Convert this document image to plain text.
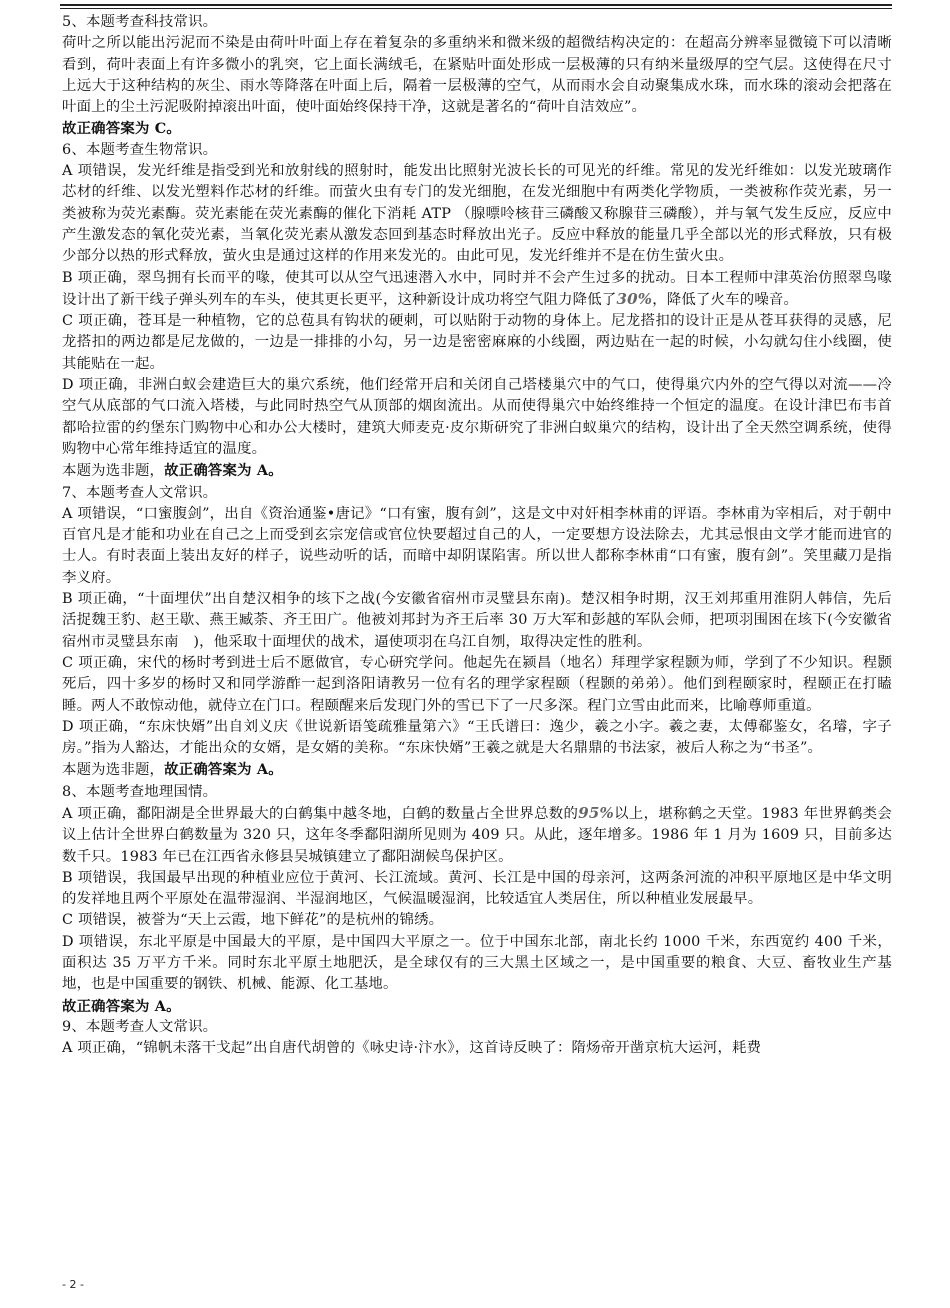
5、本题考查科技常识。

荷叶之所以能出污泥而不染是由荷叶叶面上存在着复杂的多重纳米和微米级的超微结构决定的：在超高分辨率显微镜下可以清晰看到，荷叶表面上有许多微小的乳突，它上面长满绒毛，在紧贴叶面处形成一层极薄的只有纳米量级厚的空气层。这使得在尺寸上远大于这种结构的灰尘、雨水等降落在叶面上后，隔着一层极薄的空气，从而雨水会自动聚集成水珠，而水珠的滚动会把落在叶面上的尘土污泥吸附掉滚出叶面，使叶面始终保持干净，这就是著名的“荷叶自洁效应”。

故正确答案为 C。

6、本题考查生物常识。

A 项错误，发光纤维是指受到光和放射线的照射时，能发出比照射光波长长的可见光的纤维。常见的发光纤维如：以发光玻璃作芯材的纤维、以发光塑料作芯材的纤维。而萤火虫有专门的发光细胞，在发光细胞中有两类化学物质，一类被称作荧光素，另一类被称为荧光素酶。荧光素能在荧光素酶的催化下消耗 ATP （腺嘌呤核苷三磷酸又称腺苷三磷酸），并与氧气发生反应，反应中产生激发态的氧化荧光素，当氧化荧光素从激发态回到基态时释放出光子。反应中释放的能量几乎全部以光的形式释放，只有极少部分以热的形式释放，萤火虫是通过这样的作用来发光的。由此可见，发光纤维并不是在仿生萤火虫。

B 项正确，翠鸟拥有长而平的喙，使其可以从空气迅速潜入水中，同时并不会产生过多的扰动。日本工程师中津英治仿照翠鸟喙设计出了新干线子弹头列车的车头，使其更长更平，这种新设计成功将空气阻力降低了30%，降低了火车的噪音。

C 项正确，苍耳是一种植物，它的总苞具有钩状的硬刺，可以贴附于动物的身体上。尼龙搭扣的设计正是从苍耳获得的灵感，尼龙搭扣的两边都是尼龙做的，一边是一排排的小勾，另一边是密密麻麻的小线圈，两边贴在一起的时候，小勾就勾住小线圈，使其能贴在一起。

D 项正确，非洲白蚁会建造巨大的巢穴系统，他们经常开启和关闭自己塔楼巢穴中的气口，使得巢穴内外的空气得以对流——冷空气从底部的气口流入塔楼，与此同时热空气从顶部的烟囱流出。从而使得巢穴中始终维持一个恒定的温度。在设计津巴布韦首都哈拉雷的约堡东门购物中心和办公大楼时，建筑大师麦克·皮尔斯研究了非洲白蚁巢穴的结构，设计出了全天然空调系统，使得购物中心常年维持适宜的温度。

本题为选非题，故正确答案为 A。

7、本题考查人文常识。

A 项错误，“口蜜腹剑”，出自《资治通鉴•唐记》“口有蜜，腹有剑”，这是文中对奸相李林甫的评语。李林甫为宰相后，对于朝中百官凡是才能和功业在自己之上而受到玄宗宠信或官位快要超过自己的人，一定要想方设法除去，尤其忌恨由文学才能而进官的士人。有时表面上装出友好的样子，说些动听的话，而暗中却阴谋陷害。所以世人都称李林甫“口有蜜，腹有剑”。笑里藏刀是指李义府。

B 项正确，“十面埋伏”出自楚汉相争的垓下之战(今安徽省宿州市灵璧县东南)。楚汉相争时期，汉王刘邦重用淮阴人韩信，先后活捉魏王豹、赵王歇、燕王臧荼、齐王田广。他被刘邦封为齐王后率 30 万大军和彭越的军队会师，把项羽围困在垓下(今安徽省宿州市灵璧县东南　)，他采取十面埋伏的战术，逼使项羽在乌江自刎，取得决定性的胜利。

C 项正确，宋代的杨时考到进士后不愿做官，专心研究学问。他起先在颍昌（地名）拜理学家程颢为师，学到了不少知识。程颢死后，四十多岁的杨时又和同学游酢一起到洛阳请教另一位有名的理学家程颐（程颢的弟弟）。他们到程颐家时，程颐正在打瞌睡。两人不敢惊动他，就侍立在门口。程颐醒来后发现门外的雪已下了一尺多深。程门立雪由此而来，比喻尊师重道。

D 项正确，“东床快婿”出自刘义庆《世说新语笺疏雅量第六》“王氏谱曰：逸少，羲之小字。羲之妻，太傅郗鉴女，名璿，字子房。”指为人豁达，才能出众的女婿，是女婿的美称。“东床快婿”王羲之就是大名鼎鼎的书法家，被后人称之为“书圣”。

本题为选非题，故正确答案为 A。

8、本题考查地理国情。

A 项正确，鄱阳湖是全世界最大的白鹤集中越冬地，白鹤的数量占全世界总数的95%以上，堪称鹤之天堂。1983 年世界鹤类会议上估计全世界白鹤数量为 320 只，这年冬季鄱阳湖所见则为 409 只。从此，逐年增多。1986 年 1 月为 1609 只，目前多达数千只。1983 年已在江西省永修县吴城镇建立了鄱阳湖候鸟保护区。

B 项错误，我国最早出现的种植业应位于黄河、长江流域。黄河、长江是中国的母亲河，这两条河流的冲积平原地区是中华文明的发祥地且两个平原处在温带湿润、半湿润地区，气候温暖湿润，比较适宜人类居住，所以种植业发展最早。

C 项错误，被誉为“天上云霞，地下鲜花”的是杭州的锦绣。

D 项错误，东北平原是中国最大的平原，是中国四大平原之一。位于中国东北部，南北长约 1000 千米，东西宽约 400 千米，面积达 35 万平方千米。同时东北平原土地肥沃，是全球仅有的三大黑土区域之一，是中国重要的粮食、大豆、畜牧业生产基地，也是中国重要的钢铁、机械、能源、化工基地。

故正确答案为 A。

9、本题考查人文常识。

A 项正确，“锦帆未落干戈起”出自唐代胡曾的《咏史诗·汴水》，这首诗反映了：隋炀帝开凿京杭大运河，耗费

- 2 -
